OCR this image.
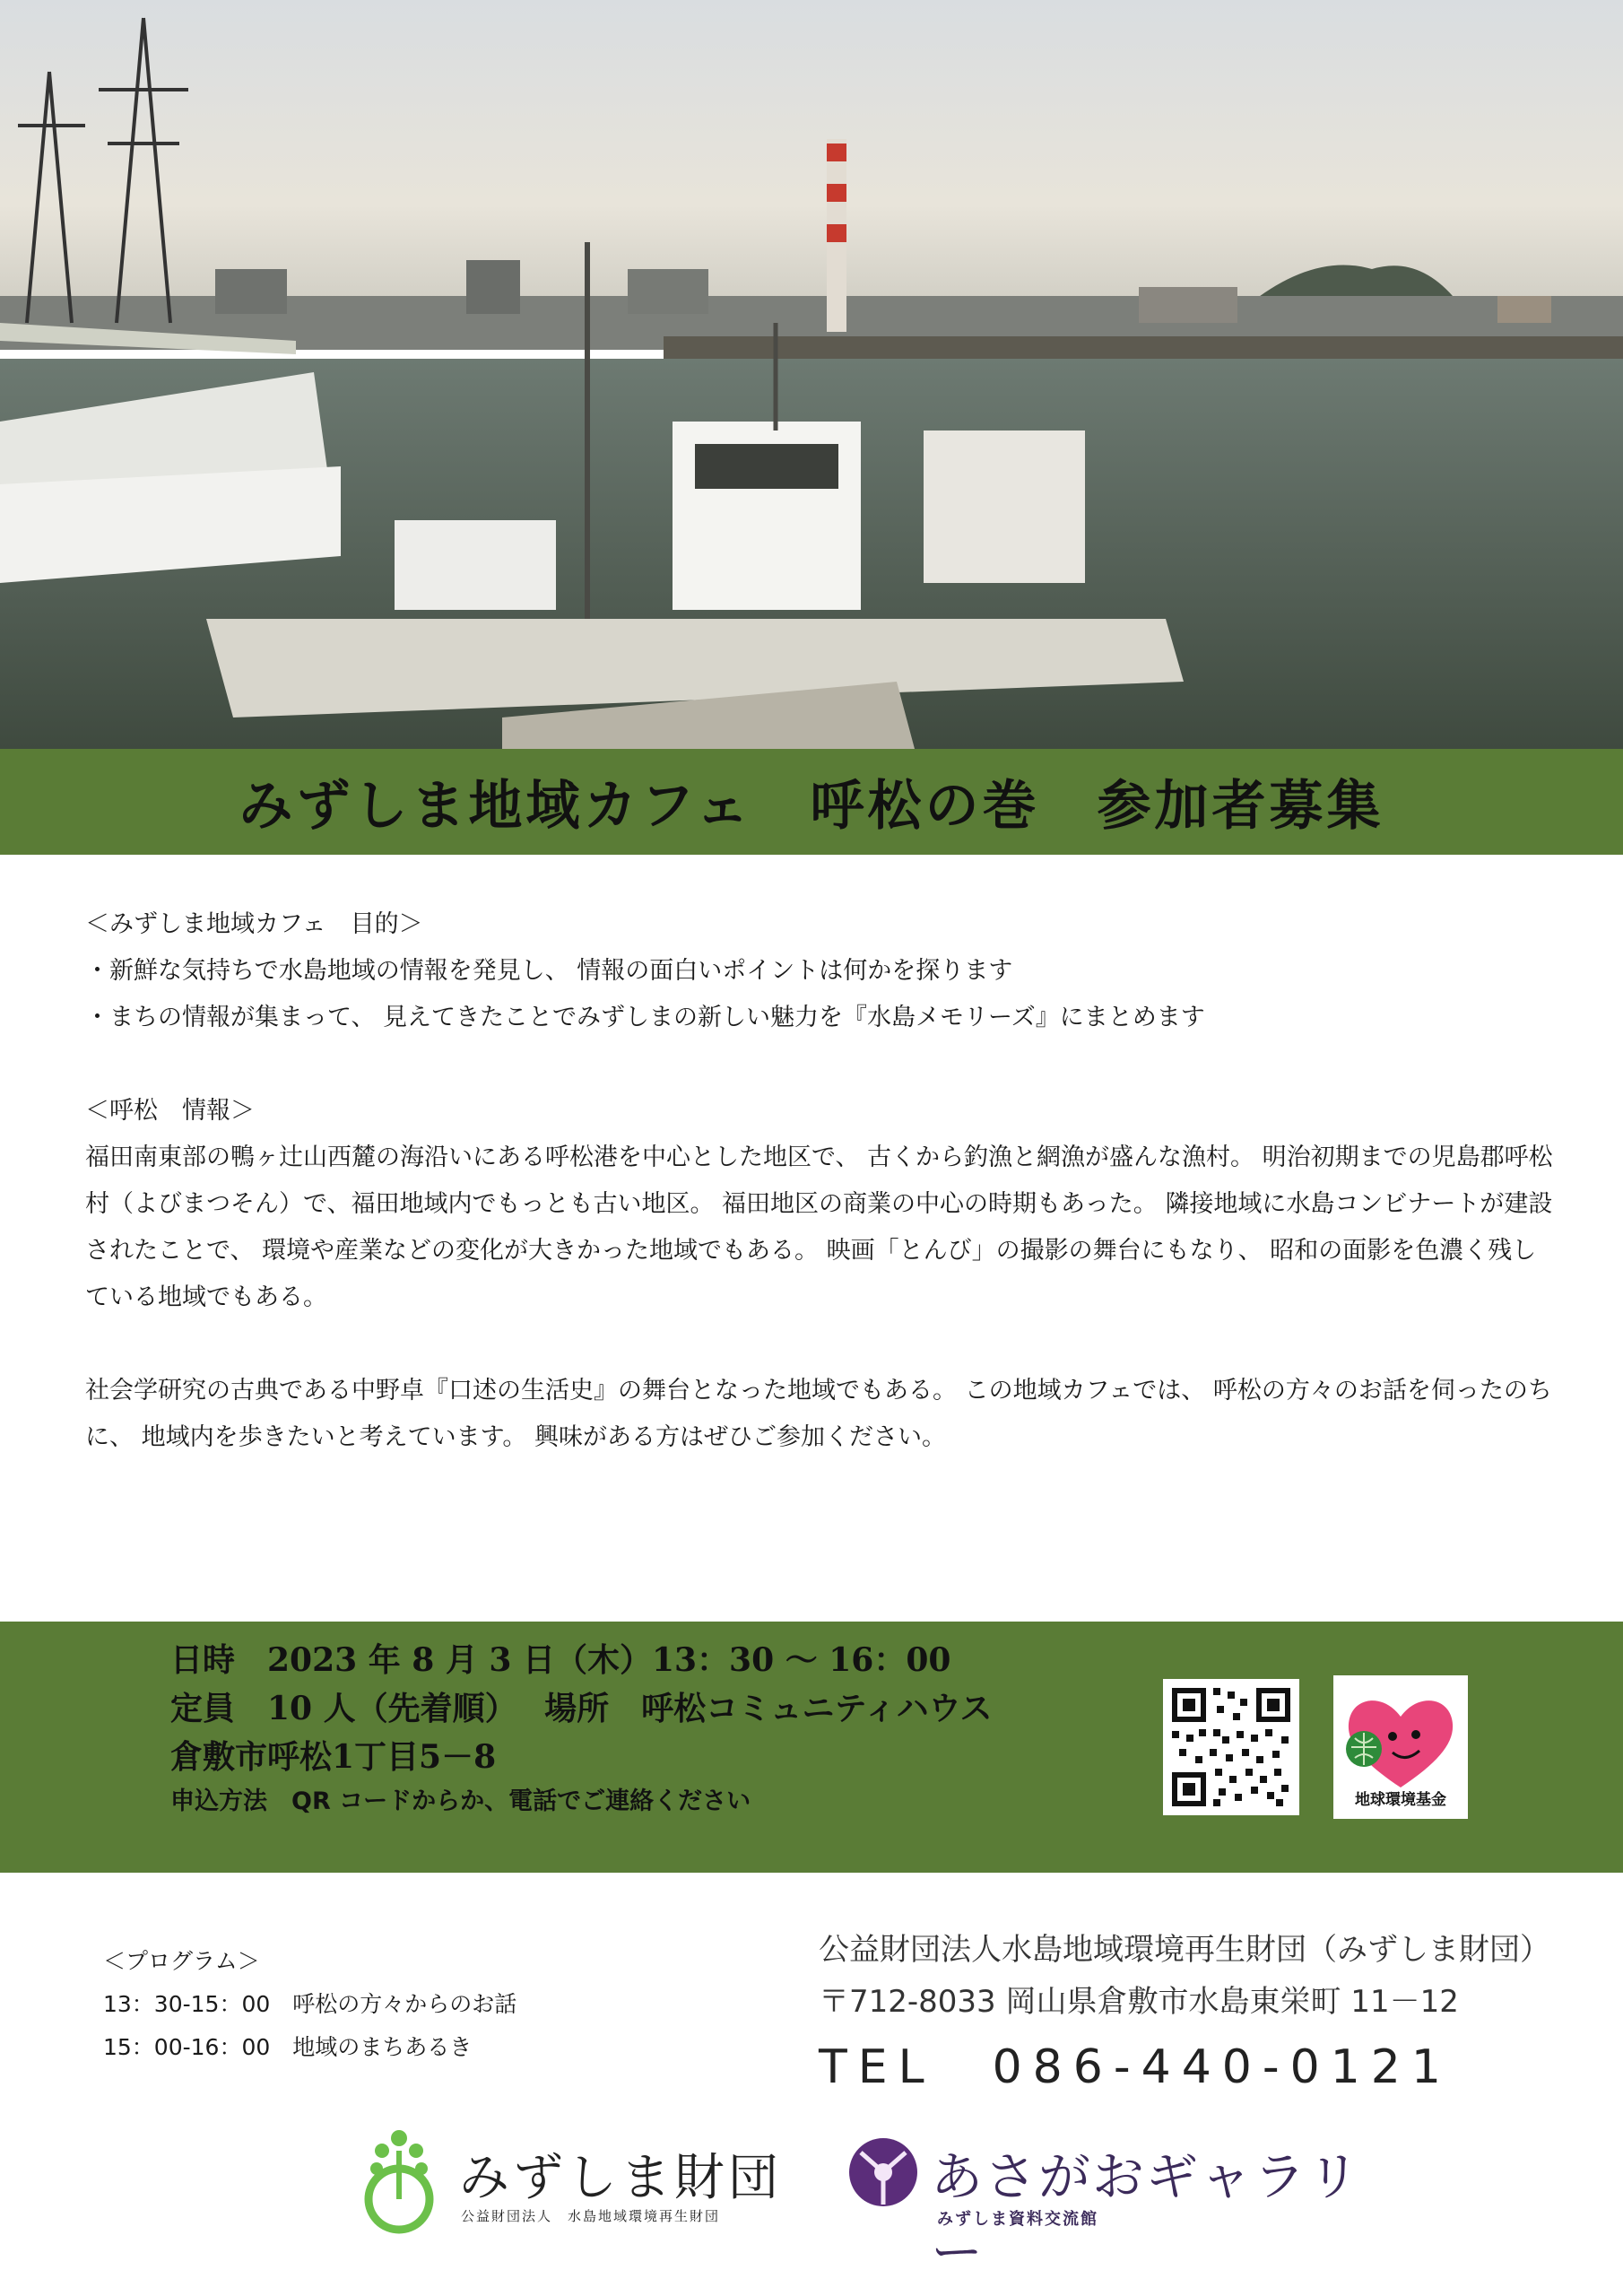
みずしま地域カフェ　呼松の巻　参加者募集

＜みずしま地域カフェ　目的＞

・新鮮な気持ちで水島地域の情報を発見し、 情報の面白いポイントは何かを探ります

・まちの情報が集まって、 見えてきたことでみずしまの新しい魅力を『水島メモリーズ』にまとめます

＜呼松　情報＞

福田南東部の鴨ヶ辻山西麓の海沿いにある呼松港を中心とした地区で、 古くから釣漁と網漁が盛んな漁村。 明治初期までの児島郡呼松村（よびまつそん）で、福田地域内でもっとも古い地区。 福田地区の商業の中心の時期もあった。 隣接地域に水島コンビナートが建設されたことで、 環境や産業などの変化が大きかった地域でもある。 映画「とんび」の撮影の舞台にもなり、 昭和の面影を色濃く残している地域でもある。

社会学研究の古典である中野卓『口述の生活史』の舞台となった地域でもある。 この地域カフェでは、 呼松の方々のお話を伺ったのちに、 地域内を歩きたいと考えています。 興味がある方はぜひご参加ください。

日時　2023 年 8 月 3 日（木）13：30 ～ 16：00
定員　10 人（先着順）　 場所　呼松コミュニティハウス
倉敷市呼松1丁目5－8
申込方法　QR コードからか、電話でご連絡ください	地球環境基金

＜プログラム＞

13：30-15：00　呼松の方々からのお話

15：00-16：00　地域のまちあるき

公益財団法人水島地域環境再生財団（みずしま財団）
〒712-8033 岡山県倉敷市水島東栄町 11－12
TEL　086-440-0121
みずしま財団
公益財団法人　水島地域環境再生財団
あさがおギャラリー
みずしま資料交流館
